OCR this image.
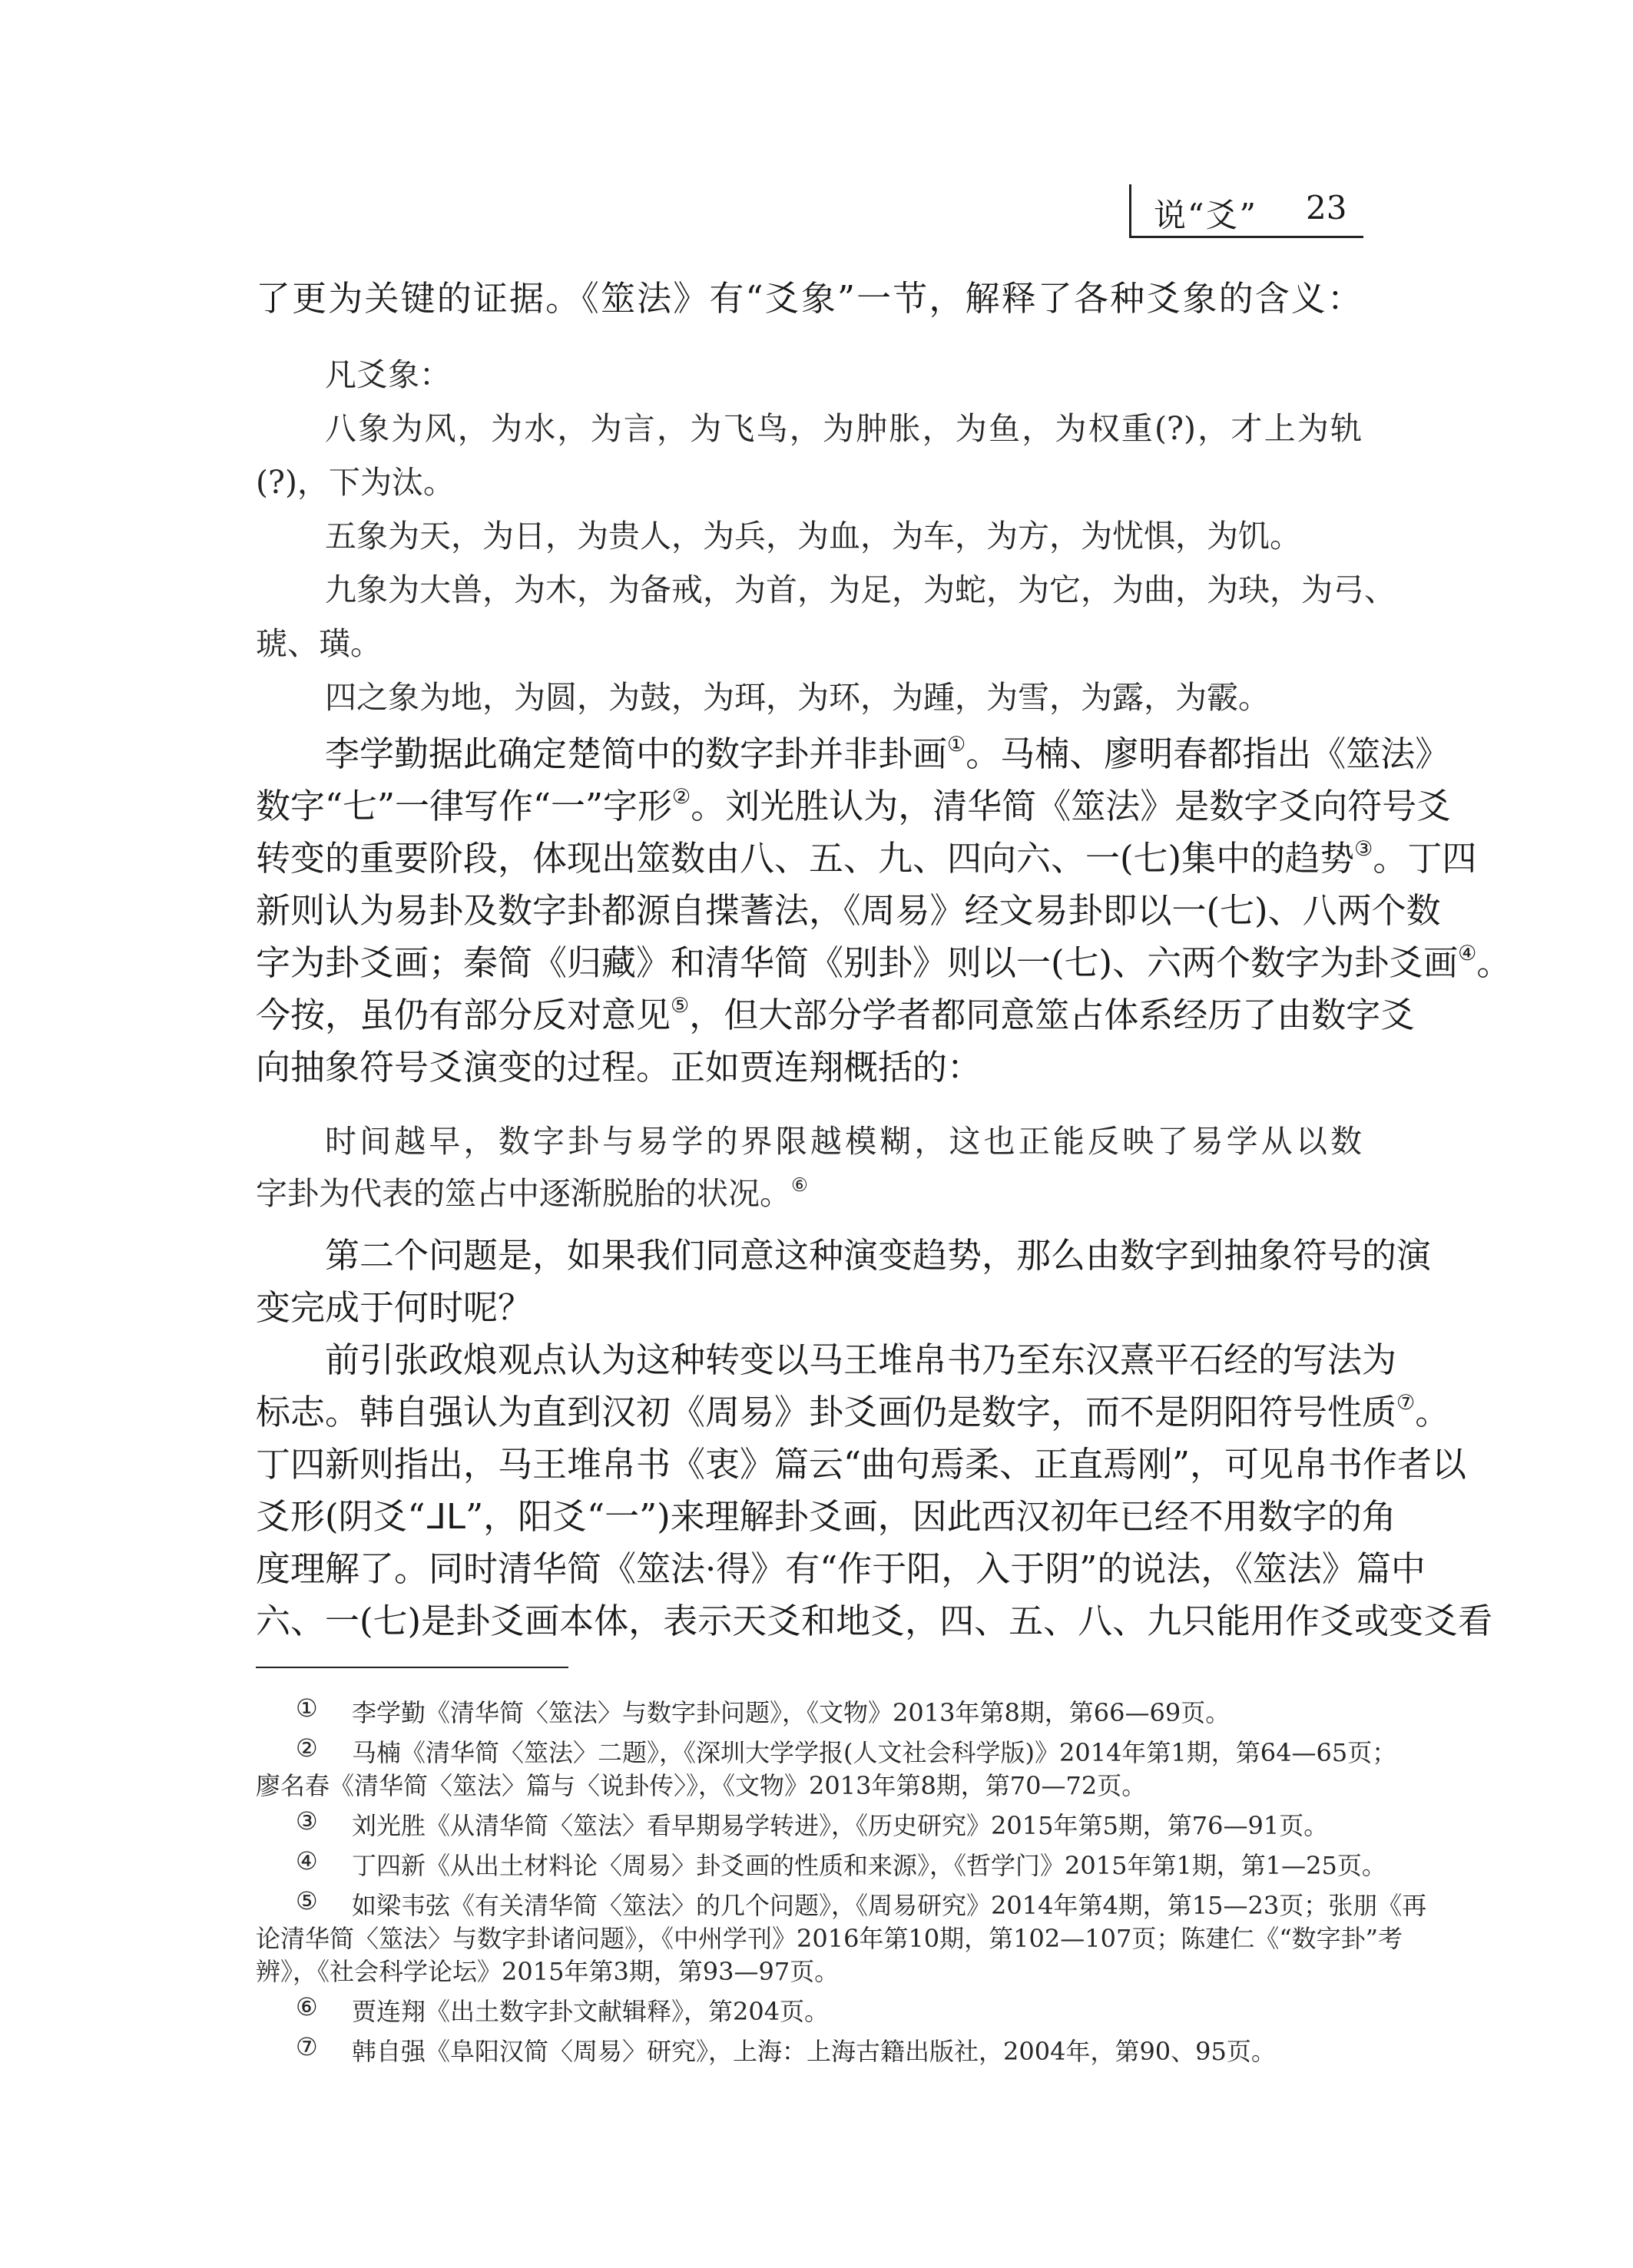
说“爻” 23
了更为关键的证据。《筮法》有“爻象”一节，解释了各种爻象的含义：
凡爻象：
八象为风，为水，为言，为飞鸟，为肿胀，为鱼，为权重(?)，才上为轨
(?)，下为汰。
五象为天，为日，为贵人，为兵，为血，为车，为方，为忧惧，为饥。
九象为大兽，为木，为备戒，为首，为足，为蛇，为它，为曲，为玦，为弓、
琥、璜。
四之象为地，为圆，为鼓，为珥，为环，为踵，为雪，为露，为霰。
李学勤据此确定楚简中的数字卦并非卦画①。马楠、廖明春都指出《筮法》
数字“七”一律写作“一”字形②。刘光胜认为，清华简《筮法》是数字爻向符号爻
转变的重要阶段，体现出筮数由八、五、九、四向六、一(七)集中的趋势③。丁四
新则认为易卦及数字卦都源自揲蓍法，《周易》经文易卦即以一(七)、八两个数
字为卦爻画；秦简《归藏》和清华简《别卦》则以一(七)、六两个数字为卦爻画④。
今按，虽仍有部分反对意见⑤，但大部分学者都同意筮占体系经历了由数字爻
向抽象符号爻演变的过程。正如贾连翔概括的：
时间越早，数字卦与易学的界限越模糊，这也正能反映了易学从以数
字卦为代表的筮占中逐渐脱胎的状况。⑥
第二个问题是，如果我们同意这种演变趋势，那么由数字到抽象符号的演
变完成于何时呢？
前引张政烺观点认为这种转变以马王堆帛书乃至东汉熹平石经的写法为
标志。韩自强认为直到汉初《周易》卦爻画仍是数字，而不是阴阳符号性质⑦。
丁四新则指出，马王堆帛书《衷》篇云“曲句焉柔、正直焉刚”，可见帛书作者以
爻形(阴爻“ᒧᒪ”，阳爻“一”)来理解卦爻画，因此西汉初年已经不用数字的角
度理解了。同时清华简《筮法·得》有“作于阳，入于阴”的说法，《筮法》篇中
六、一(七)是卦爻画本体，表示天爻和地爻，四、五、八、九只能用作爻或变爻看
① 李学勤《清华简〈筮法〉与数字卦问题》，《文物》2013年第8期，第66—69页。
② 马楠《清华简〈筮法〉二题》，《深圳大学学报(人文社会科学版)》2014年第1期，第64—65页；
廖名春《清华简〈筮法〉篇与〈说卦传〉》，《文物》2013年第8期，第70—72页。
③ 刘光胜《从清华简〈筮法〉看早期易学转进》，《历史研究》2015年第5期，第76—91页。
④ 丁四新《从出土材料论〈周易〉卦爻画的性质和来源》，《哲学门》2015年第1期，第1—25页。
⑤ 如梁韦弦《有关清华简〈筮法〉的几个问题》，《周易研究》2014年第4期，第15—23页；张朋《再
论清华简〈筮法〉与数字卦诸问题》，《中州学刊》2016年第10期，第102—107页；陈建仁《“数字卦”考
辨》，《社会科学论坛》2015年第3期，第93—97页。
⑥ 贾连翔《出土数字卦文献辑释》，第204页。
⑦ 韩自强《阜阳汉简〈周易〉研究》，上海：上海古籍出版社，2004年，第90、95页。
